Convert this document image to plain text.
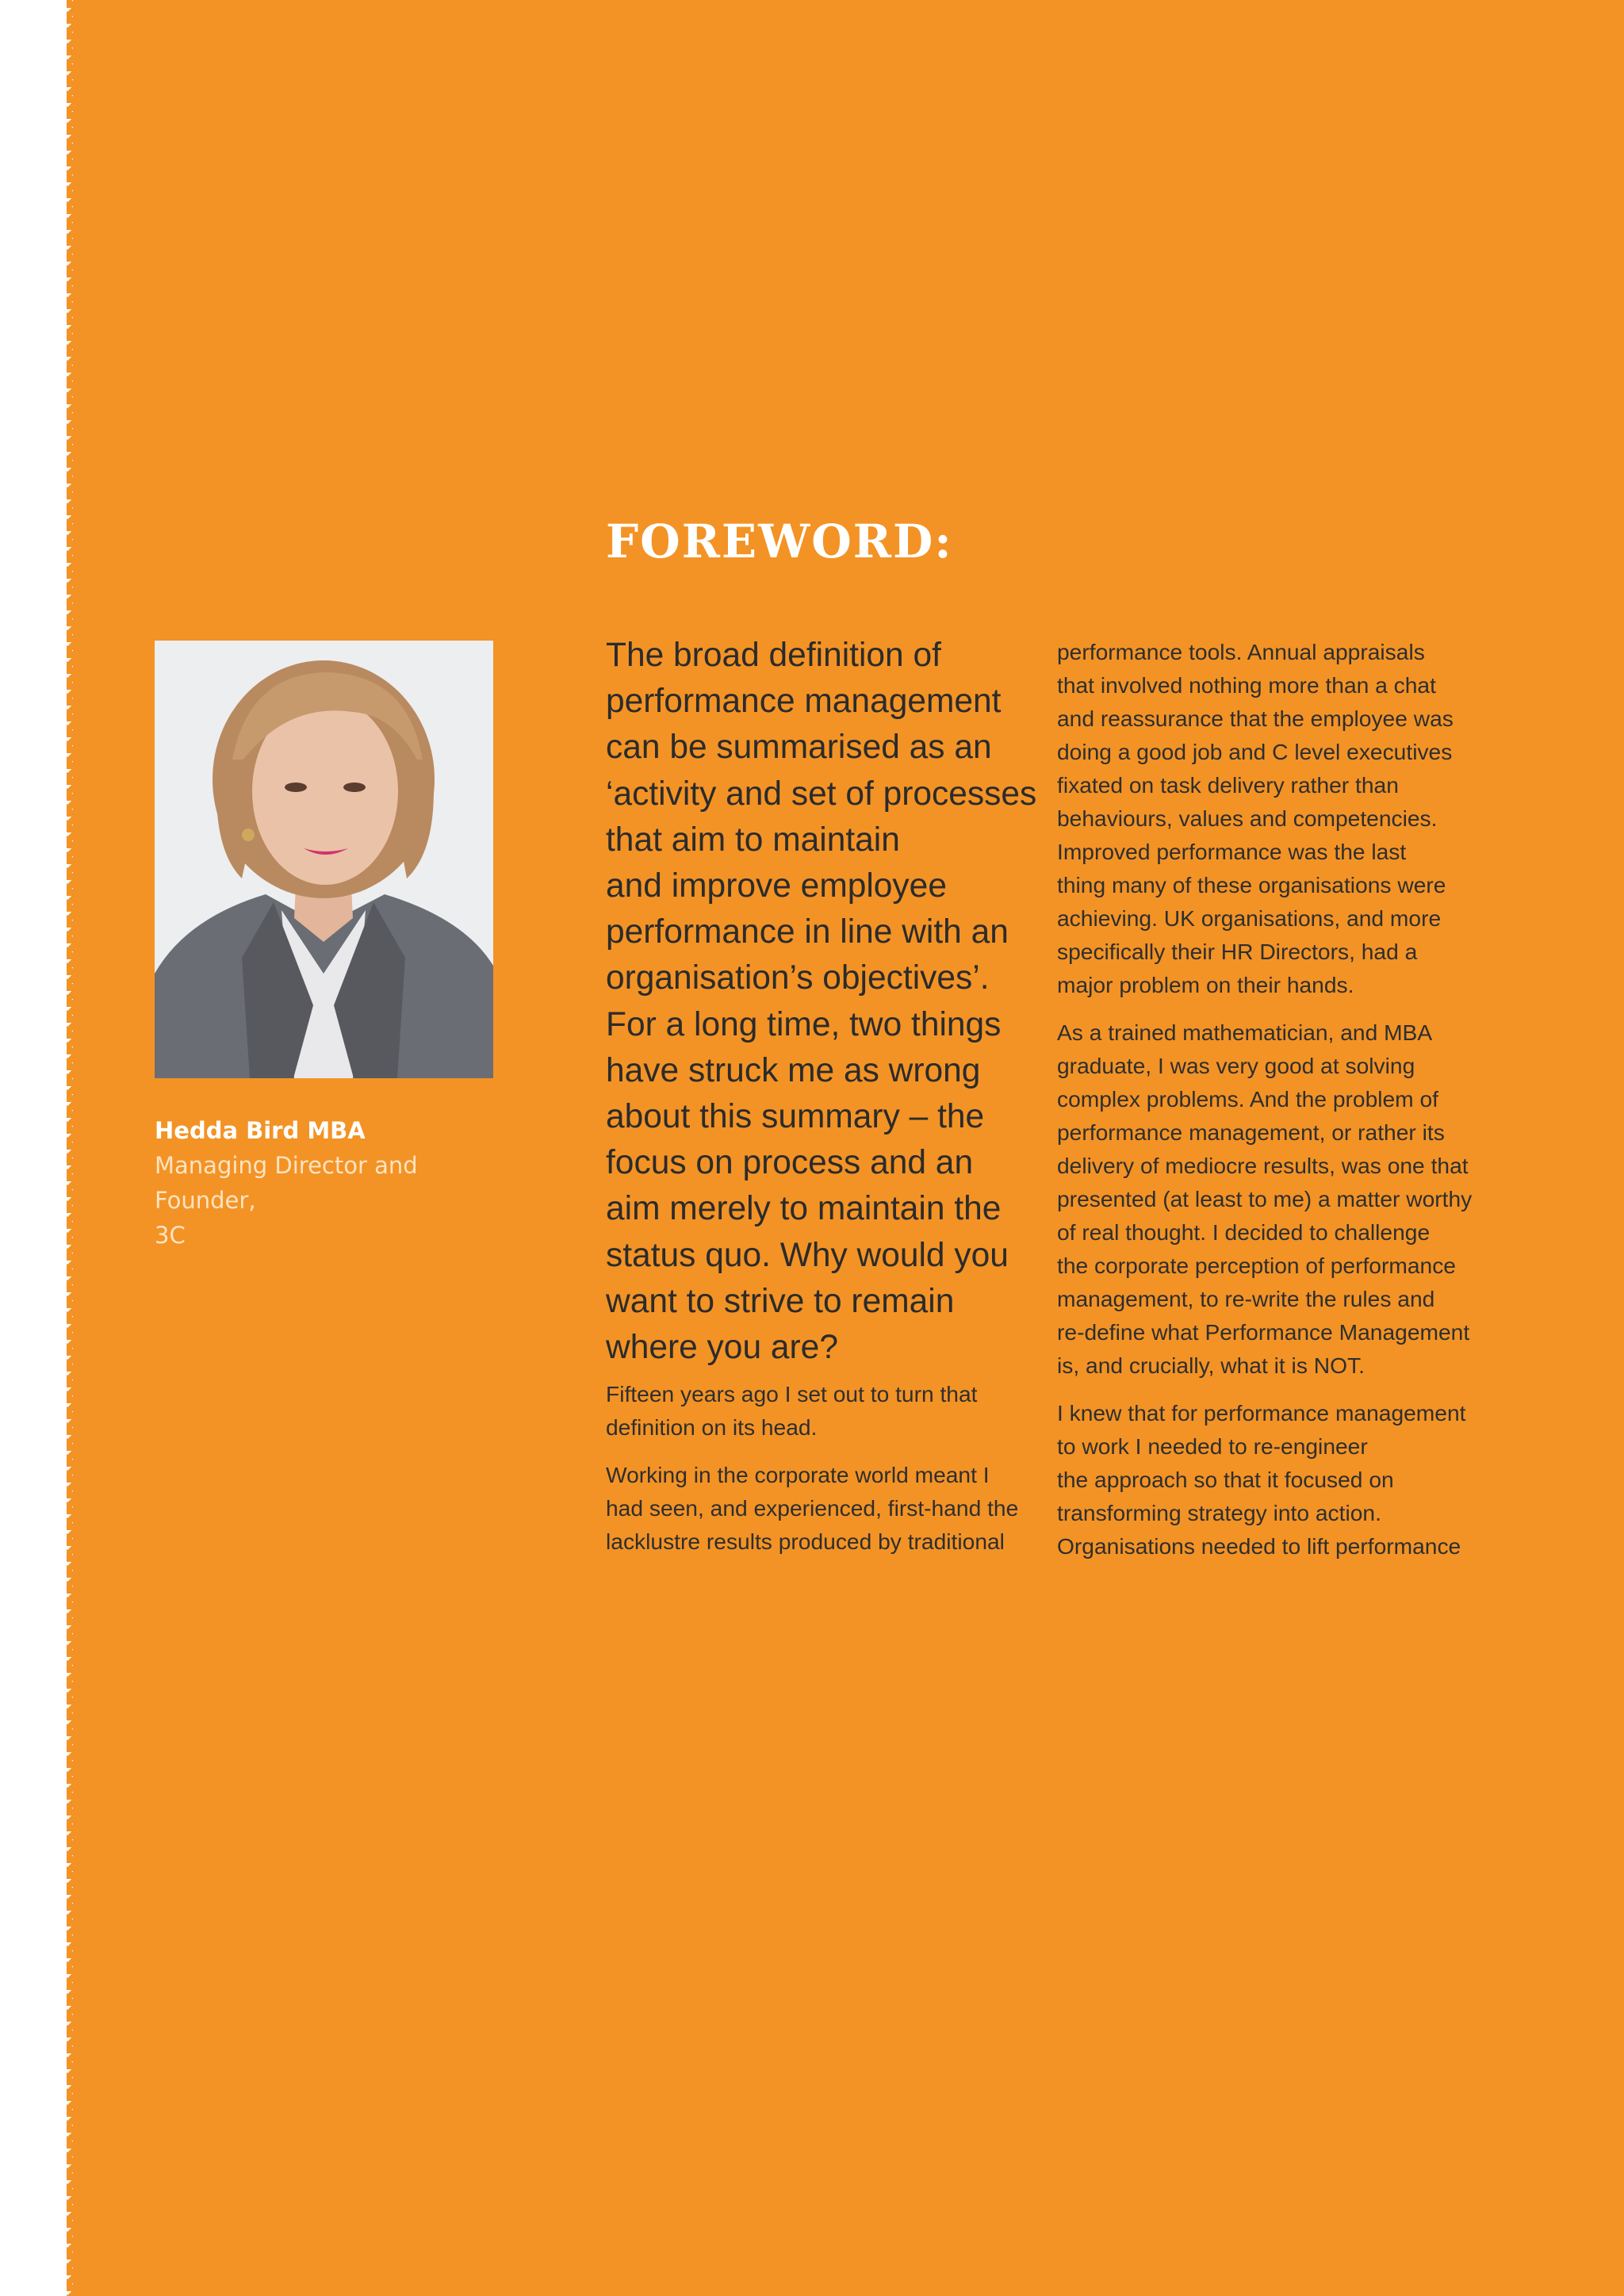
Hedda Bird MBA
Managing Director and Founder,
3C
FOREWORD:

The broad definition of
performance management
can be summarised as an
‘activity and set of processes
that aim to maintain
and improve employee
performance in line with an
organisation’s objectives’.
For a long time, two things
have struck me as wrong
about this summary – the
focus on process and an
aim merely to maintain the
status quo. Why would you
want to strive to remain
where you are?

Fifteen years ago I set out to turn that
definition on its head.

Working in the corporate world meant I
had seen, and experienced, first-hand the
lacklustre results produced by traditional

performance tools. Annual appraisals
that involved nothing more than a chat
and reassurance that the employee was
doing a good job and C level executives
fixated on task delivery rather than
behaviours, values and competencies.
Improved performance was the last
thing many of these organisations were
achieving. UK organisations, and more
specifically their HR Directors, had a
major problem on their hands.

As a trained mathematician, and MBA
graduate, I was very good at solving
complex problems. And the problem of
performance management, or rather its
delivery of mediocre results, was one that
presented (at least to me) a matter worthy
of real thought. I decided to challenge
the corporate perception of performance
management, to re-write the rules and
re-define what Performance Management
is, and crucially, what it is NOT.

I knew that for performance management
to work I needed to re-engineer
the approach so that it focused on
transforming strategy into action.
Organisations needed to lift performance
